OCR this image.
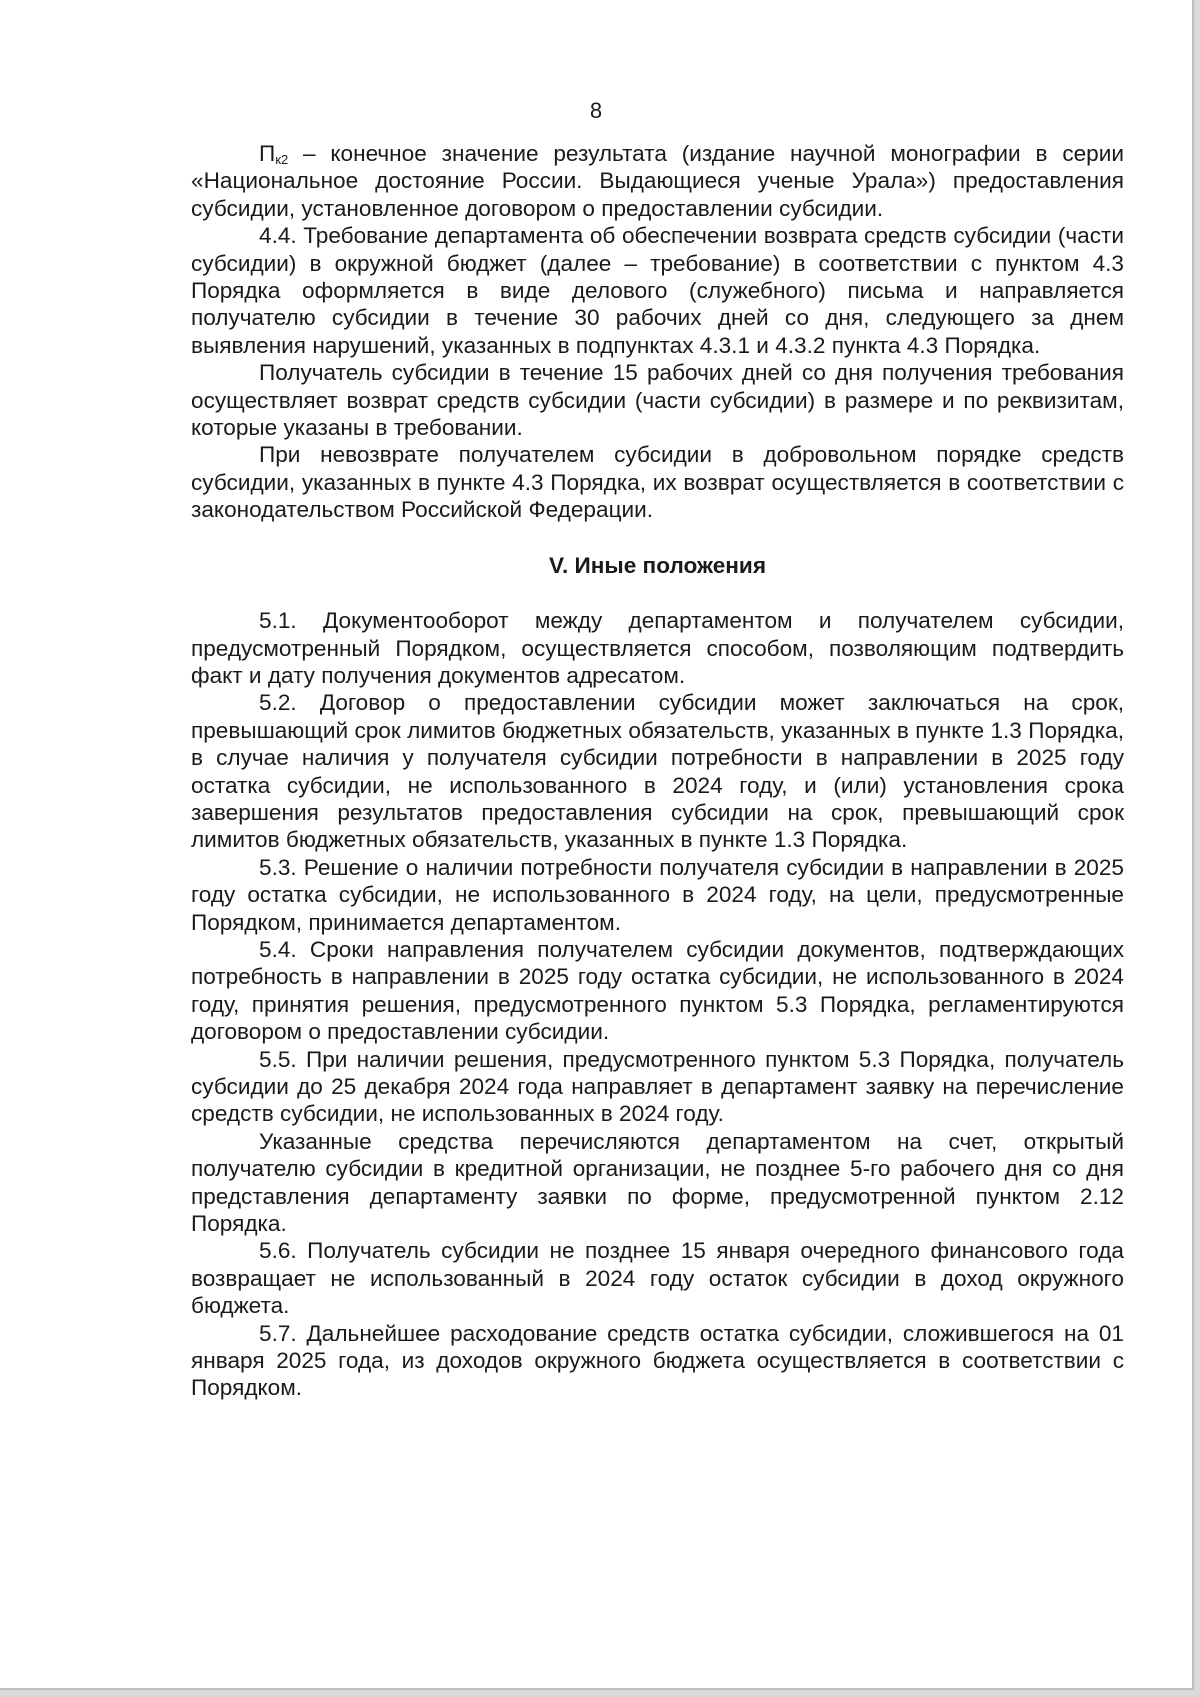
8

$П_{к2}$ – конечное значение результата (издание научной монографии в серии «Национальное достояние России. Выдающиеся ученые Урала») предоставления субсидии, установленное договором о предоставлении субсидии.

4.4. Требование департамента об обеспечении возврата средств субсидии (части субсидии) в окружной бюджет (далее – требование) в соответствии с пунктом 4.3 Порядка оформляется в виде делового (служебного) письма и направляется получателю субсидии в течение 30 рабочих дней со дня, следующего за днем выявления нарушений, указанных в подпунктах 4.3.1 и 4.3.2 пункта 4.3 Порядка.

Получатель субсидии в течение 15 рабочих дней со дня получения требования осуществляет возврат средств субсидии (части субсидии) в размере и по реквизитам, которые указаны в требовании.

При невозврате получателем субсидии в добровольном порядке средств субсидии, указанных в пункте 4.3 Порядка, их возврат осуществляется в соответствии с законодательством Российской Федерации.

V. Иные положения

5.1. Документооборот между департаментом и получателем субсидии, предусмотренный Порядком, осуществляется способом, позволяющим подтвердить факт и дату получения документов адресатом.

5.2. Договор о предоставлении субсидии может заключаться на срок, превышающий срок лимитов бюджетных обязательств, указанных в пункте 1.3 Порядка, в случае наличия у получателя субсидии потребности в направлении в 2025 году остатка субсидии, не использованного в 2024 году, и (или) установления срока завершения результатов предоставления субсидии на срок, превышающий срок лимитов бюджетных обязательств, указанных в пункте 1.3 Порядка.

5.3. Решение о наличии потребности получателя субсидии в направлении в 2025 году остатка субсидии, не использованного в 2024 году, на цели, предусмотренные Порядком, принимается департаментом.

5.4. Сроки направления получателем субсидии документов, подтверждающих потребность в направлении в 2025 году остатка субсидии, не использованного в 2024 году, принятия решения, предусмотренного пунктом 5.3 Порядка, регламентируются договором о предоставлении субсидии.

5.5. При наличии решения, предусмотренного пунктом 5.3 Порядка, получатель субсидии до 25 декабря 2024 года направляет в департамент заявку на перечисление средств субсидии, не использованных в 2024 году.

Указанные средства перечисляются департаментом на счет, открытый получателю субсидии в кредитной организации, не позднее 5-го рабочего дня со дня представления департаменту заявки по форме, предусмотренной пунктом 2.12 Порядка.

5.6. Получатель субсидии не позднее 15 января очередного финансового года возвращает не использованный в 2024 году остаток субсидии в доход окружного бюджета.

5.7. Дальнейшее расходование средств остатка субсидии, сложившегося на 01 января 2025 года, из доходов окружного бюджета осуществляется в соответствии с Порядком.
